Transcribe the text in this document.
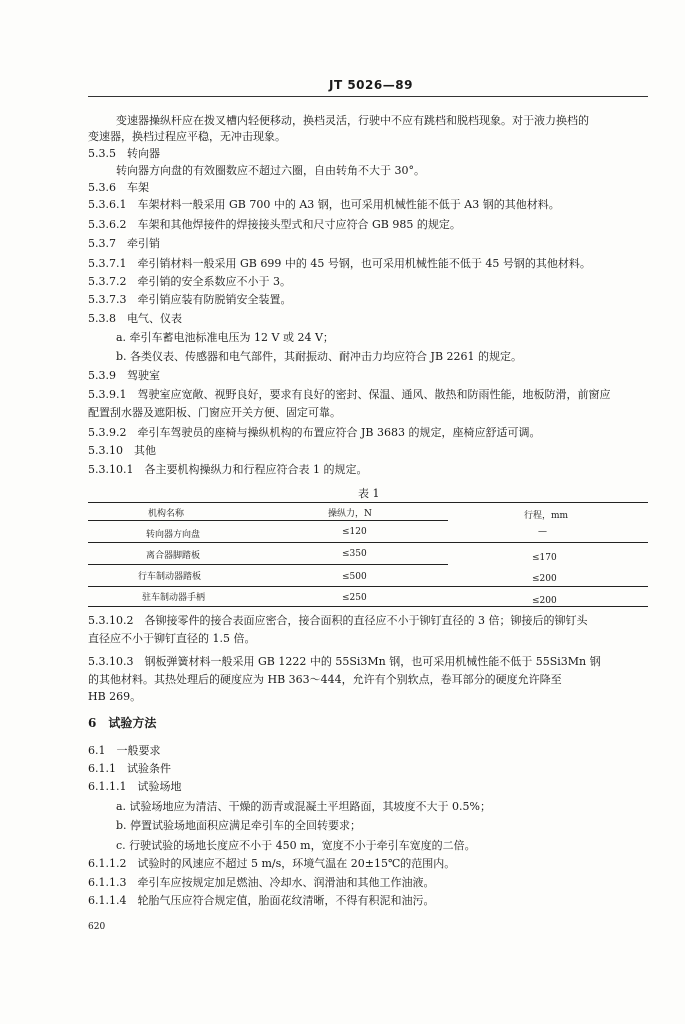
JT 5026—89
变速器操纵杆应在拨叉槽内轻便移动，换档灵活，行驶中不应有跳档和脱档现象。对于液力换档的
变速器，换档过程应平稳，无冲击现象。
5.3.5　转向器
转向器方向盘的有效圈数应不超过六圈，自由转角不大于 30°。
5.3.6　车架
5.3.6.1　车架材料一般采用 GB 700 中的 A3 钢，也可采用机械性能不低于 A3 钢的其他材料。
5.3.6.2　车架和其他焊接件的焊接接头型式和尺寸应符合 GB 985 的规定。
5.3.7　牵引销
5.3.7.1　牵引销材料一般采用 GB 699 中的 45 号钢，也可采用机械性能不低于 45 号钢的其他材料。
5.3.7.2　牵引销的安全系数应不小于 3。
5.3.7.3　牵引销应装有防脱销安全装置。
5.3.8　电气、仪表
a. 牵引车蓄电池标准电压为 12 V 或 24 V；
b. 各类仪表、传感器和电气部件，其耐振动、耐冲击力均应符合 JB 2261 的规定。
5.3.9　驾驶室
5.3.9.1　驾驶室应宽敞、视野良好，要求有良好的密封、保温、通风、散热和防雨性能，地板防滑，前窗应
配置刮水器及遮阳板、门窗应开关方便、固定可靠。
5.3.9.2　牵引车驾驶员的座椅与操纵机构的布置应符合 JB 3683 的规定，座椅应舒适可调。
5.3.10　其他
5.3.10.1　各主要机构操纵力和行程应符合表 1 的规定。
表 1
机构名称	操纵力，N	行程，mm
转向器方向盘	≤120	—
离合器脚踏板	≤350	≤170
行车制动器踏板	≤500	≤200
驻车制动器手柄	≤250	≤200
5.3.10.2　各铆接零件的接合表面应密合，接合面积的直径应不小于铆钉直径的 3 倍；铆接后的铆钉头
直径应不小于铆钉直径的 1.5 倍。
5.3.10.3　钢板弹簧材料一般采用 GB 1222 中的 55Si3Mn 钢，也可采用机械性能不低于 55Si3Mn 钢
的其他材料。其热处理后的硬度应为 HB 363～444，允许有个别软点，卷耳部分的硬度允许降至
HB 269。
6　试验方法
6.1　一般要求
6.1.1　试验条件
6.1.1.1　试验场地
a. 试验场地应为清洁、干燥的沥青或混凝土平坦路面，其坡度不大于 0.5%；
b. 停置试验场地面积应满足牵引车的全回转要求；
c. 行驶试验的场地长度应不小于 450 m，宽度不小于牵引车宽度的二倍。
6.1.1.2　试验时的风速应不超过 5 m/s，环境气温在 20±15℃的范围内。
6.1.1.3　牵引车应按规定加足燃油、冷却水、润滑油和其他工作油液。
6.1.1.4　轮胎气压应符合规定值，胎面花纹清晰，不得有积泥和油污。
620
